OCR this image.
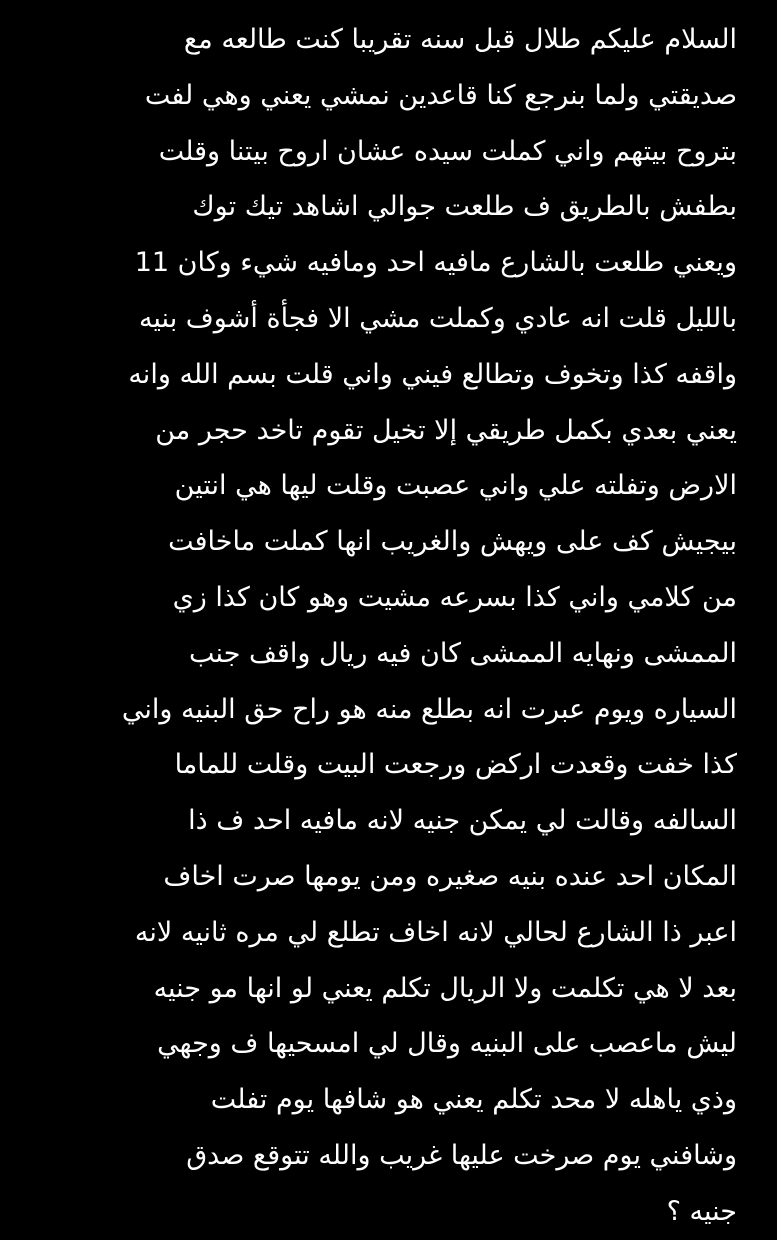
السلام عليكم طلال قبل سنه تقريبا كنت طالعه مع
صديقتي ولما بنرجع كنا قاعدين نمشي يعني وهي لفت
بتروح بيتهم واني كملت سيده عشان اروح بيتنا وقلت
بطفش بالطريق ف طلعت جوالي اشاهد تيك توك
ويعني طلعت بالشارع مافيه احد ومافيه شيء وكان 11
بالليل قلت انه عادي وكملت مشي الا فجأة أشوف بنيه
واقفه كذا وتخوف وتطالع فيني واني قلت بسم الله وانه
يعني بعدي بكمل طريقي إلا تخيل تقوم تاخد حجر من
الارض وتفلته علي واني عصبت وقلت ليها هي انتين
بيجيش كف على ويهش والغريب انها كملت ماخافت
من كلامي واني كذا بسرعه مشيت وهو كان كذا زي
الممشى ونهايه الممشى كان فيه ريال واقف جنب
السياره ويوم عبرت انه بطلع منه هو راح حق البنيه واني
كذا خفت وقعدت اركض ورجعت البيت وقلت للماما
السالفه وقالت لي يمكن جنيه لانه مافيه احد ف ذا
المكان احد عنده بنيه صغيره ومن يومها صرت اخاف
اعبر ذا الشارع لحالي لانه اخاف تطلع لي مره ثانيه لانه
بعد لا هي تكلمت ولا الريال تكلم يعني لو انها مو جنيه
ليش ماعصب على البنيه وقال لي امسحيها ف وجهي
وذي ياهله لا محد تكلم يعني هو شافها يوم تفلت
وشافني يوم صرخت عليها غريب والله تتوقع صدق
جنيه ؟
